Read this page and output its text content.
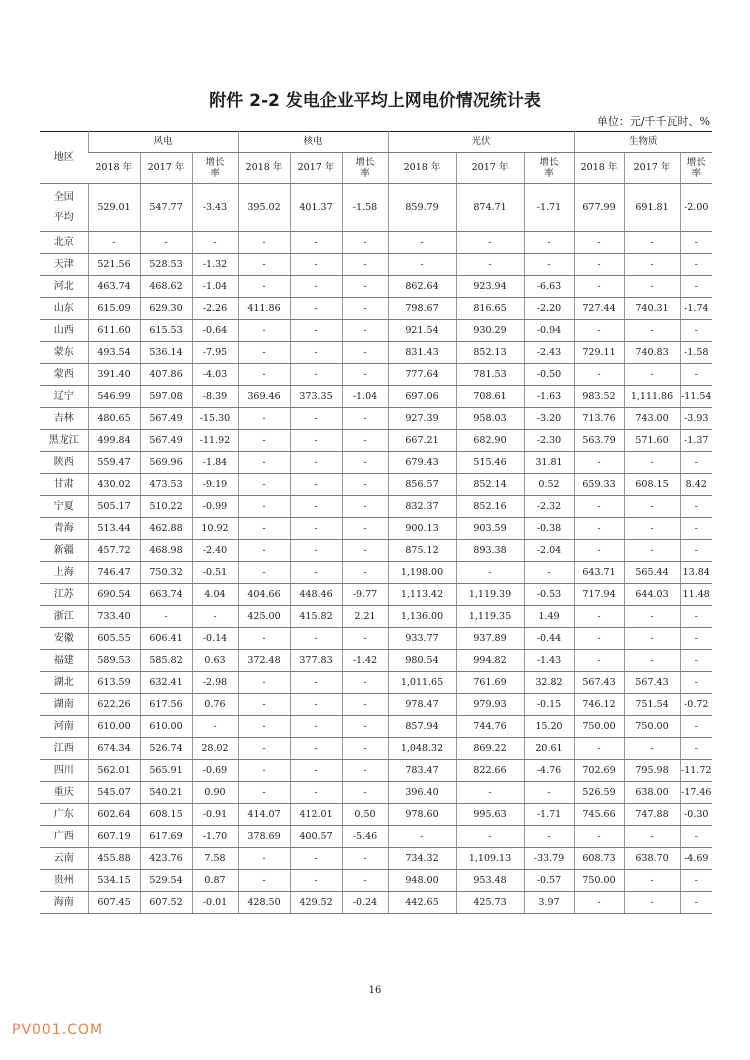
附件 2-2 发电企业平均上网电价情况统计表
单位：元/千千瓦时、%
地区	风电			核电			光伏			生物质		
	2018 年	2017 年	增长率	2018 年	2017 年	增长率	2018 年	2017 年	增长率	2018 年	2017 年	增长率
全国平均	529.01	547.77	-3.43	395.02	401.37	-1.58	859.79	874.71	-1.71	677.99	691.81	-2.00
北京	-	-	-	-	-	-	-	-	-	-	-	-
天津	521.56	528.53	-1.32	-	-	-	-	-	-	-	-	-
河北	463.74	468.62	-1.04	-	-	-	862.64	923.94	-6.63	-	-	-
山东	615.09	629.30	-2.26	411.86	-	-	798.67	816.65	-2.20	727.44	740.31	-1.74
山西	611.60	615.53	-0.64	-	-	-	921.54	930.29	-0.94	-	-	-
蒙东	493.54	536.14	-7.95	-	-	-	831.43	852.13	-2.43	729.11	740.83	-1.58
蒙西	391.40	407.86	-4.03	-	-	-	777.64	781.53	-0.50	-	-	-
辽宁	546.99	597.08	-8.39	369.46	373.35	-1.04	697.06	708.61	-1.63	983.52	1,111.86	-11.54
吉林	480.65	567.49	-15.30	-	-	-	927.39	958.03	-3.20	713.76	743.00	-3.93
黑龙江	499.84	567.49	-11.92	-	-	-	667.21	682.90	-2.30	563.79	571.60	-1.37
陕西	559.47	569.96	-1.84	-	-	-	679.43	515.46	31.81	-	-	-
甘肃	430.02	473.53	-9.19	-	-	-	856.57	852.14	0.52	659.33	608.15	8.42
宁夏	505.17	510.22	-0.99	-	-	-	832.37	852.16	-2.32	-	-	-
青海	513.44	462.88	10.92	-	-	-	900.13	903.59	-0.38	-	-	-
新疆	457.72	468.98	-2.40	-	-	-	875.12	893.38	-2.04	-	-	-
上海	746.47	750.32	-0.51	-	-	-	1,198.00	-	-	643.71	565.44	13.84
江苏	690.54	663.74	4.04	404.66	448.46	-9.77	1,113.42	1,119.39	-0.53	717.94	644.03	11.48
浙江	733.40	-	-	425.00	415.82	2.21	1,136.00	1,119.35	1.49	-	-	-
安徽	605.55	606.41	-0.14	-	-	-	933.77	937.89	-0.44	-	-	-
福建	589.53	585.82	0.63	372.48	377.83	-1.42	980.54	994.82	-1.43	-	-	-
湖北	613.59	632.41	-2.98	-	-	-	1,011.65	761.69	32.82	567.43	567.43	-
湖南	622.26	617.56	0.76	-	-	-	978.47	979.93	-0.15	746.12	751.54	-0.72
河南	610.00	610.00	-	-	-	-	857.94	744.76	15.20	750.00	750.00	-
江西	674.34	526.74	28.02	-	-	-	1,048.32	869.22	20.61	-	-	-
四川	562.01	565.91	-0.69	-	-	-	783.47	822.66	-4.76	702.69	795.98	-11.72
重庆	545.07	540.21	0.90	-	-	-	396.40	-	-	526.59	638.00	-17.46
广东	602.64	608.15	-0.91	414.07	412.01	0.50	978.60	995.63	-1.71	745.66	747.88	-0.30
广西	607.19	617.69	-1.70	378.69	400.57	-5.46	-	-	-	-	-	-
云南	455.88	423.76	7.58	-	-	-	734.32	1,109.13	-33.79	608.73	638.70	-4.69
贵州	534.15	529.54	0.87	-	-	-	948.00	953.48	-0.57	750.00	-	-
海南	607.45	607.52	-0.01	428.50	429.52	-0.24	442.65	425.73	3.97	-	-	-
16
PV001.COM
